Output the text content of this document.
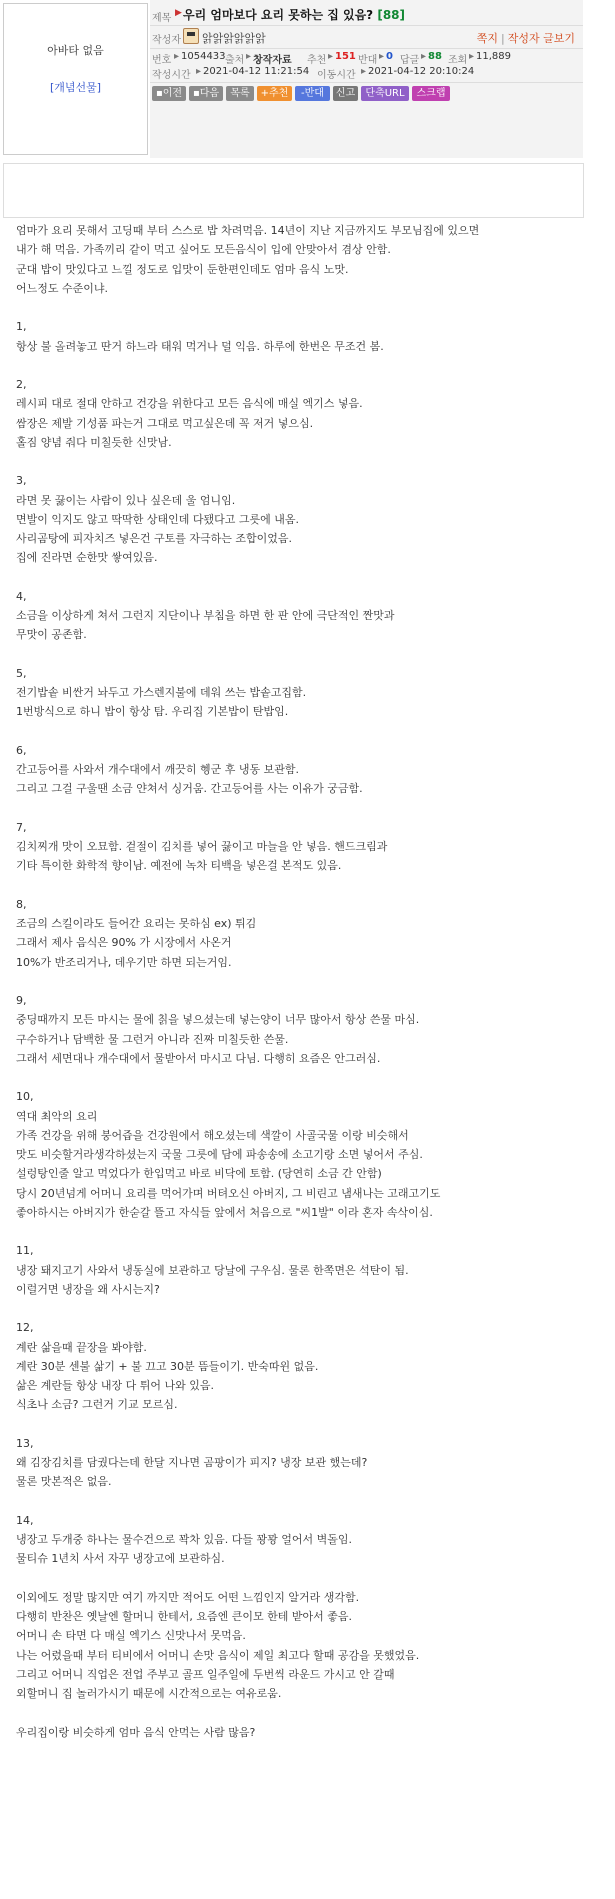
아바타 없음
[개념선물]
제목 ▶ 우리 엄마보다 요리 못하는 집 있음? [88]
작성자 앍앍앍앍앍앍	쪽지 | 작성자 글보기
번호 ▸ 1054433 출처 ▸ 창작자료 추천 ▸ 151 반대 ▸ 0 답글 ▸ 88 조회 ▸ 11,889
작성시간 ▸ 2021-04-12 11:21:54 이동시간 ▸ 2021-04-12 20:10:24
▪이전	▪다음	목록	+추천	-반대	신고	단축URL	스크랩
엄마가 요리 못해서 고딩때 부터 스스로 밥 차려먹음. 14년이 지난 지금까지도 부모님집에 있으면
내가 해 먹음. 가족끼리 같이 먹고 싶어도 모든음식이 입에 안맞아서 겸상 안함.
군대 밥이 맛있다고 느낄 정도로 입맛이 둔한편인데도 엄마 음식 노맛.
어느정도 수준이냐.
1,
항상 불 올려놓고 딴거 하느라 태워 먹거나 덜 익음. 하루에 한번은 무조건 봄.
2,
레시피 대로 절대 안하고 건강을 위한다고 모든 음식에 매실 엑기스 넣음.
쌈장은 제발 기성품 파는거 그대로 먹고싶은데 꼭 저거 넣으심.
홀짐 양념 줘다 미칠듯한 신맛남.
3,
라면 못 끓이는 사람이 있나 싶은데 울 엄니임.
면발이 익지도 않고 딱딱한 상태인데 다됐다고 그릇에 내옴.
사리곰탕에 피자치즈 넣은건 구토를 자극하는 조합이었음.
집에 진라면 순한맛 쌓여있음.
4,
소금을 이상하게 쳐서 그런지 지단이나 부침을 하면 한 판 안에 극단적인 짠맛과
무맛이 공존함.
5,
전기밥솥 비싼거 놔두고 가스렌지불에 데워 쓰는 밥솥고집함.
1번방식으로 하니 밥이 항상 탐. 우리집 기본밥이 탄밥임.
6,
간고등어를 사와서 개수대에서 깨끗히 헹군 후 냉동 보관함.
그리고 그걸 구울땐 소금 얀쳐서 싱거움. 간고등어를 사는 이유가 궁금함.
7,
김치찌개 맛이 오묘함. 겉절이 김치를 넣어 끓이고 마늘을 안 넣음. 핸드크림과
기타 특이한 화학적 향이남. 예전에 녹차 티백을 넣은걸 본적도 있음.
8,
조금의 스킬이라도 들어간 요리는 못하심 ex) 튀김
그래서 제사 음식은 90% 가 시장에서 사온거
10%가 반조리거나, 데우기만 하면 되는거임.
9,
중딩때까지 모든 마시는 물에 칡을 넣으셨는데 넣는양이 너무 많아서 항상 쓴물 마심.
구수하거나 담백한 물 그런거 아니라 진짜 미칠듯한 쓴물.
그래서 세면대나 개수대에서 물받아서 마시고 다님. 다행히 요즘은 안그러심.
10,
역대 최악의 요리
가족 건강을 위해 붕어즙을 건강원에서 해오셨는데 색깔이 사골국물 이랑 비슷해서
맛도 비슷할거라생각하셨는지 국물 그릇에 담에 파송송에 소고기랑 소면 넣어서 주심.
설렁탕인줄 알고 먹었다가 한입먹고 바로 비닥에 토함. (당연히 소금 간 안함)
당시 20년넘게 어머니 요리를 먹어가며 버텨오신 아버지, 그 비린고 냄새나는 고래고기도
좋아하시는 아버지가 한숟갈 뜰고 자식들 앞에서 처음으로 "씨1발" 이라 혼자 속삭이심.
11,
냉장 돼지고기 사와서 냉동실에 보관하고 당날에 구우심. 물론 한쪽면은 석탄이 됨.
이럴거면 냉장을 왜 사시는지?
12,
계란 삶을때 끝장을 봐야함.
계란 30분 센불 삶기 + 불 끄고 30분 뜸들이기. 반숙따윈 없음.
삶은 계란들 항상 내장 다 튀어 나와 있음.
식초나 소금? 그런거 기교 모르심.
13,
왜 김장김치를 담궜다는데 한달 지나면 곰팡이가 피지? 냉장 보관 했는데?
물론 맛본적은 없음.
14,
냉장고 두개중 하나는 물수건으로 꽉차 있음. 다들 꽝꽝 얼어서 벽돌임.
물티슈 1년치 사서 자꾸 냉장고에 보관하심.
이외에도 정말 많지만 여기 까지만 적어도 어떤 느낌인지 알거라 생각함.
다행히 반찬은 옛날엔 할머니 한테서, 요즘엔 큰이모 한테 받아서 좋음.
어머니 손 타면 다 매실 엑기스 신맛나서 못먹음.
나는 어렸을때 부터 티비에서 어머니 손맛 음식이 제일 최고다 할때 공감을 못했었음.
그리고 어머니 직업은 전업 주부고 골프 일주일에 두번씩 라운드 가시고 안 갈때
외할머니 집 놀러가시기 때문에 시간적으로는 여유로움.
우리집이랑 비슷하게 엄마 음식 안먹는 사람 많음?
